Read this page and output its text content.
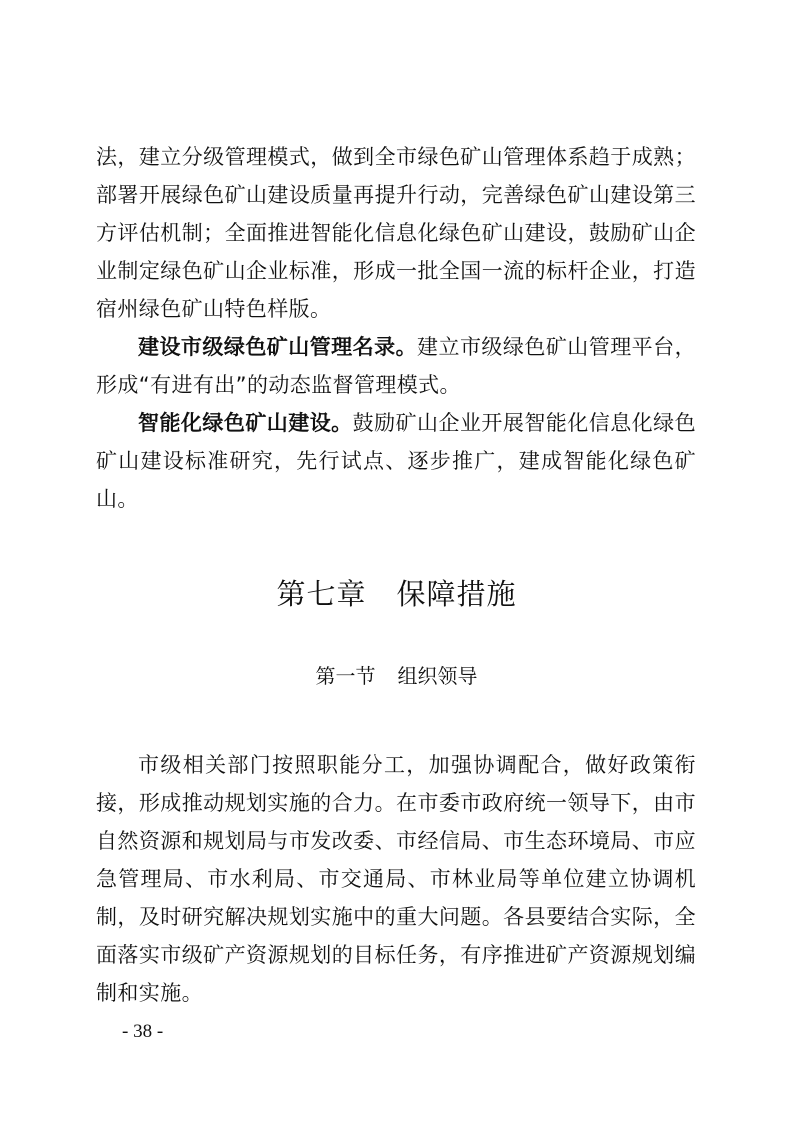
法，建立分级管理模式，做到全市绿色矿山管理体系趋于成熟；部署开展绿色矿山建设质量再提升行动，完善绿色矿山建设第三方评估机制；全面推进智能化信息化绿色矿山建设，鼓励矿山企业制定绿色矿山企业标准，形成一批全国一流的标杆企业，打造宿州绿色矿山特色样版。

建设市级绿色矿山管理名录。建立市级绿色矿山管理平台，形成“有进有出”的动态监督管理模式。

智能化绿色矿山建设。鼓励矿山企业开展智能化信息化绿色矿山建设标准研究，先行试点、逐步推广，建成智能化绿色矿山。

第七章 保障措施
第一节 组织领导

市级相关部门按照职能分工，加强协调配合，做好政策衔接，形成推动规划实施的合力。在市委市政府统一领导下，由市自然资源和规划局与市发改委、市经信局、市生态环境局、市应急管理局、市水利局、市交通局、市林业局等单位建立协调机制，及时研究解决规划实施中的重大问题。各县要结合实际，全面落实市级矿产资源规划的目标任务，有序推进矿产资源规划编制和实施。

- 38 -
